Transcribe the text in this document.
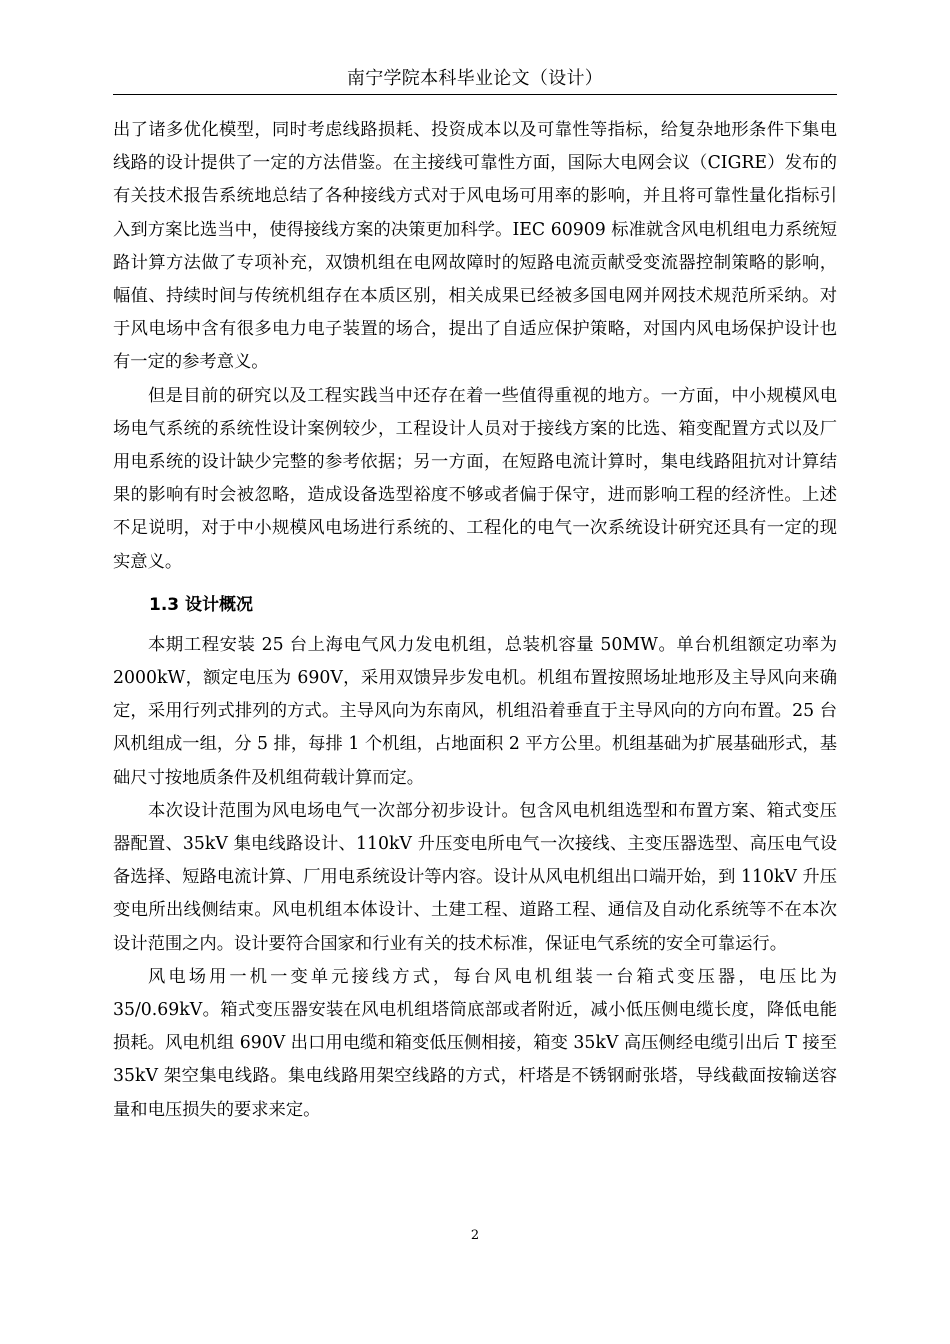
南宁学院本科毕业论文（设计）

出了诸多优化模型，同时考虑线路损耗、投资成本以及可靠性等指标，给复杂地形条件下集电线路的设计提供了一定的方法借鉴。在主接线可靠性方面，国际大电网会议（CIGRE）发布的有关技术报告系统地总结了各种接线方式对于风电场可用率的影响，并且将可靠性量化指标引入到方案比选当中，使得接线方案的决策更加科学。IEC 60909 标准就含风电机组电力系统短路计算方法做了专项补充，双馈机组在电网故障时的短路电流贡献受变流器控制策略的影响，幅值、持续时间与传统机组存在本质区别，相关成果已经被多国电网并网技术规范所采纳。对于风电场中含有很多电力电子装置的场合，提出了自适应保护策略，对国内风电场保护设计也有一定的参考意义。

但是目前的研究以及工程实践当中还存在着一些值得重视的地方。一方面，中小规模风电场电气系统的系统性设计案例较少，工程设计人员对于接线方案的比选、箱变配置方式以及厂用电系统的设计缺少完整的参考依据；另一方面，在短路电流计算时，集电线路阻抗对计算结果的影响有时会被忽略，造成设备选型裕度不够或者偏于保守，进而影响工程的经济性。上述不足说明，对于中小规模风电场进行系统的、工程化的电气一次系统设计研究还具有一定的现实意义。

1.3 设计概况

本期工程安装 25 台上海电气风力发电机组，总装机容量 50MW。单台机组额定功率为 2000kW，额定电压为 690V，采用双馈异步发电机。机组布置按照场址地形及主导风向来确定，采用行列式排列的方式。主导风向为东南风，机组沿着垂直于主导风向的方向布置。25 台风机组成一组，分 5 排，每排 1 个机组，占地面积 2 平方公里。机组基础为扩展基础形式，基础尺寸按地质条件及机组荷载计算而定。

本次设计范围为风电场电气一次部分初步设计。包含风电机组选型和布置方案、箱式变压器配置、35kV 集电线路设计、110kV 升压变电所电气一次接线、主变压器选型、高压电气设备选择、短路电流计算、厂用电系统设计等内容。设计从风电机组出口端开始，到 110kV 升压变电所出线侧结束。风电机组本体设计、土建工程、道路工程、通信及自动化系统等不在本次设计范围之内。设计要符合国家和行业有关的技术标准，保证电气系统的安全可靠运行。

风电场用一机一变单元接线方式，每台风电机组装一台箱式变压器，电压比为 35/0.69kV。箱式变压器安装在风电机组塔筒底部或者附近，减小低压侧电缆长度，降低电能损耗。风电机组 690V 出口用电缆和箱变低压侧相接，箱变 35kV 高压侧经电缆引出后 T 接至 35kV 架空集电线路。集电线路用架空线路的方式，杆塔是不锈钢耐张塔，导线截面按输送容量和电压损失的要求来定。

2
